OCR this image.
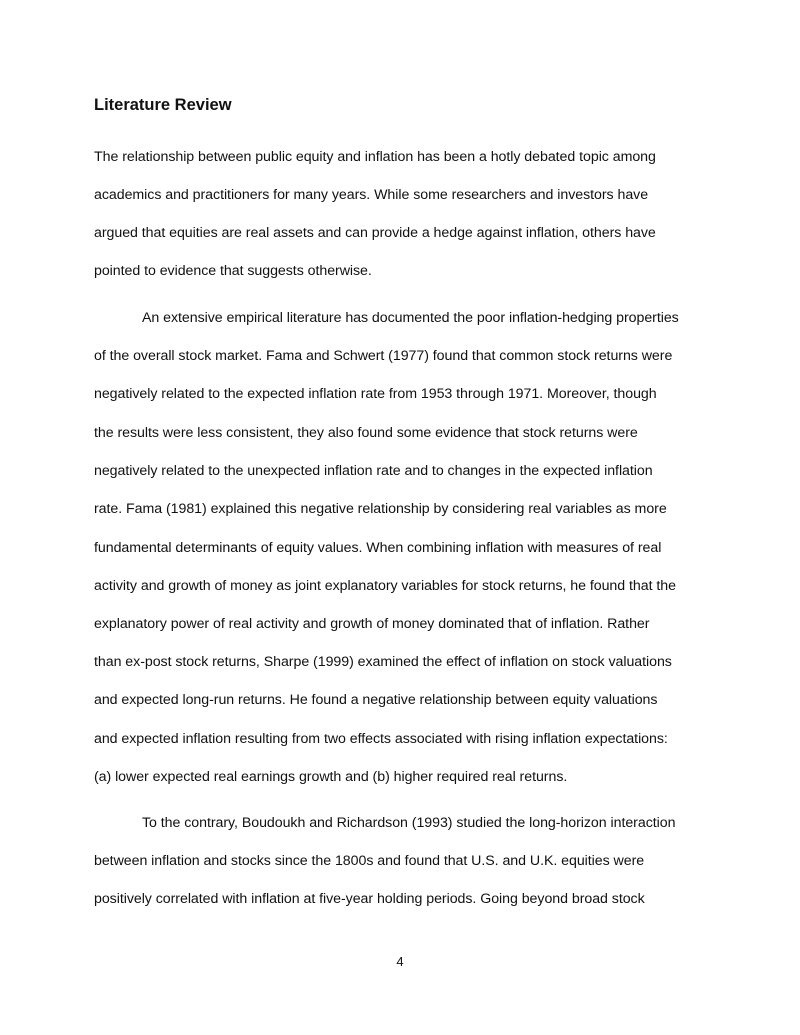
Literature Review

The relationship between public equity and inflation has been a hotly debated topic among

academics and practitioners for many years. While some researchers and investors have

argued that equities are real assets and can provide a hedge against inflation, others have

pointed to evidence that suggests otherwise.

An extensive empirical literature has documented the poor inflation-hedging properties

of the overall stock market. Fama and Schwert (1977) found that common stock returns were

negatively related to the expected inflation rate from 1953 through 1971. Moreover, though

the results were less consistent, they also found some evidence that stock returns were

negatively related to the unexpected inflation rate and to changes in the expected inflation

rate. Fama (1981) explained this negative relationship by considering real variables as more

fundamental determinants of equity values. When combining inflation with measures of real

activity and growth of money as joint explanatory variables for stock returns, he found that the

explanatory power of real activity and growth of money dominated that of inflation. Rather

than ex-post stock returns, Sharpe (1999) examined the effect of inflation on stock valuations

and expected long-run returns. He found a negative relationship between equity valuations

and expected inflation resulting from two effects associated with rising inflation expectations:

(a) lower expected real earnings growth and (b) higher required real returns.

To the contrary, Boudoukh and Richardson (1993) studied the long-horizon interaction

between inflation and stocks since the 1800s and found that U.S. and U.K. equities were

positively correlated with inflation at five-year holding periods. Going beyond broad stock

4
